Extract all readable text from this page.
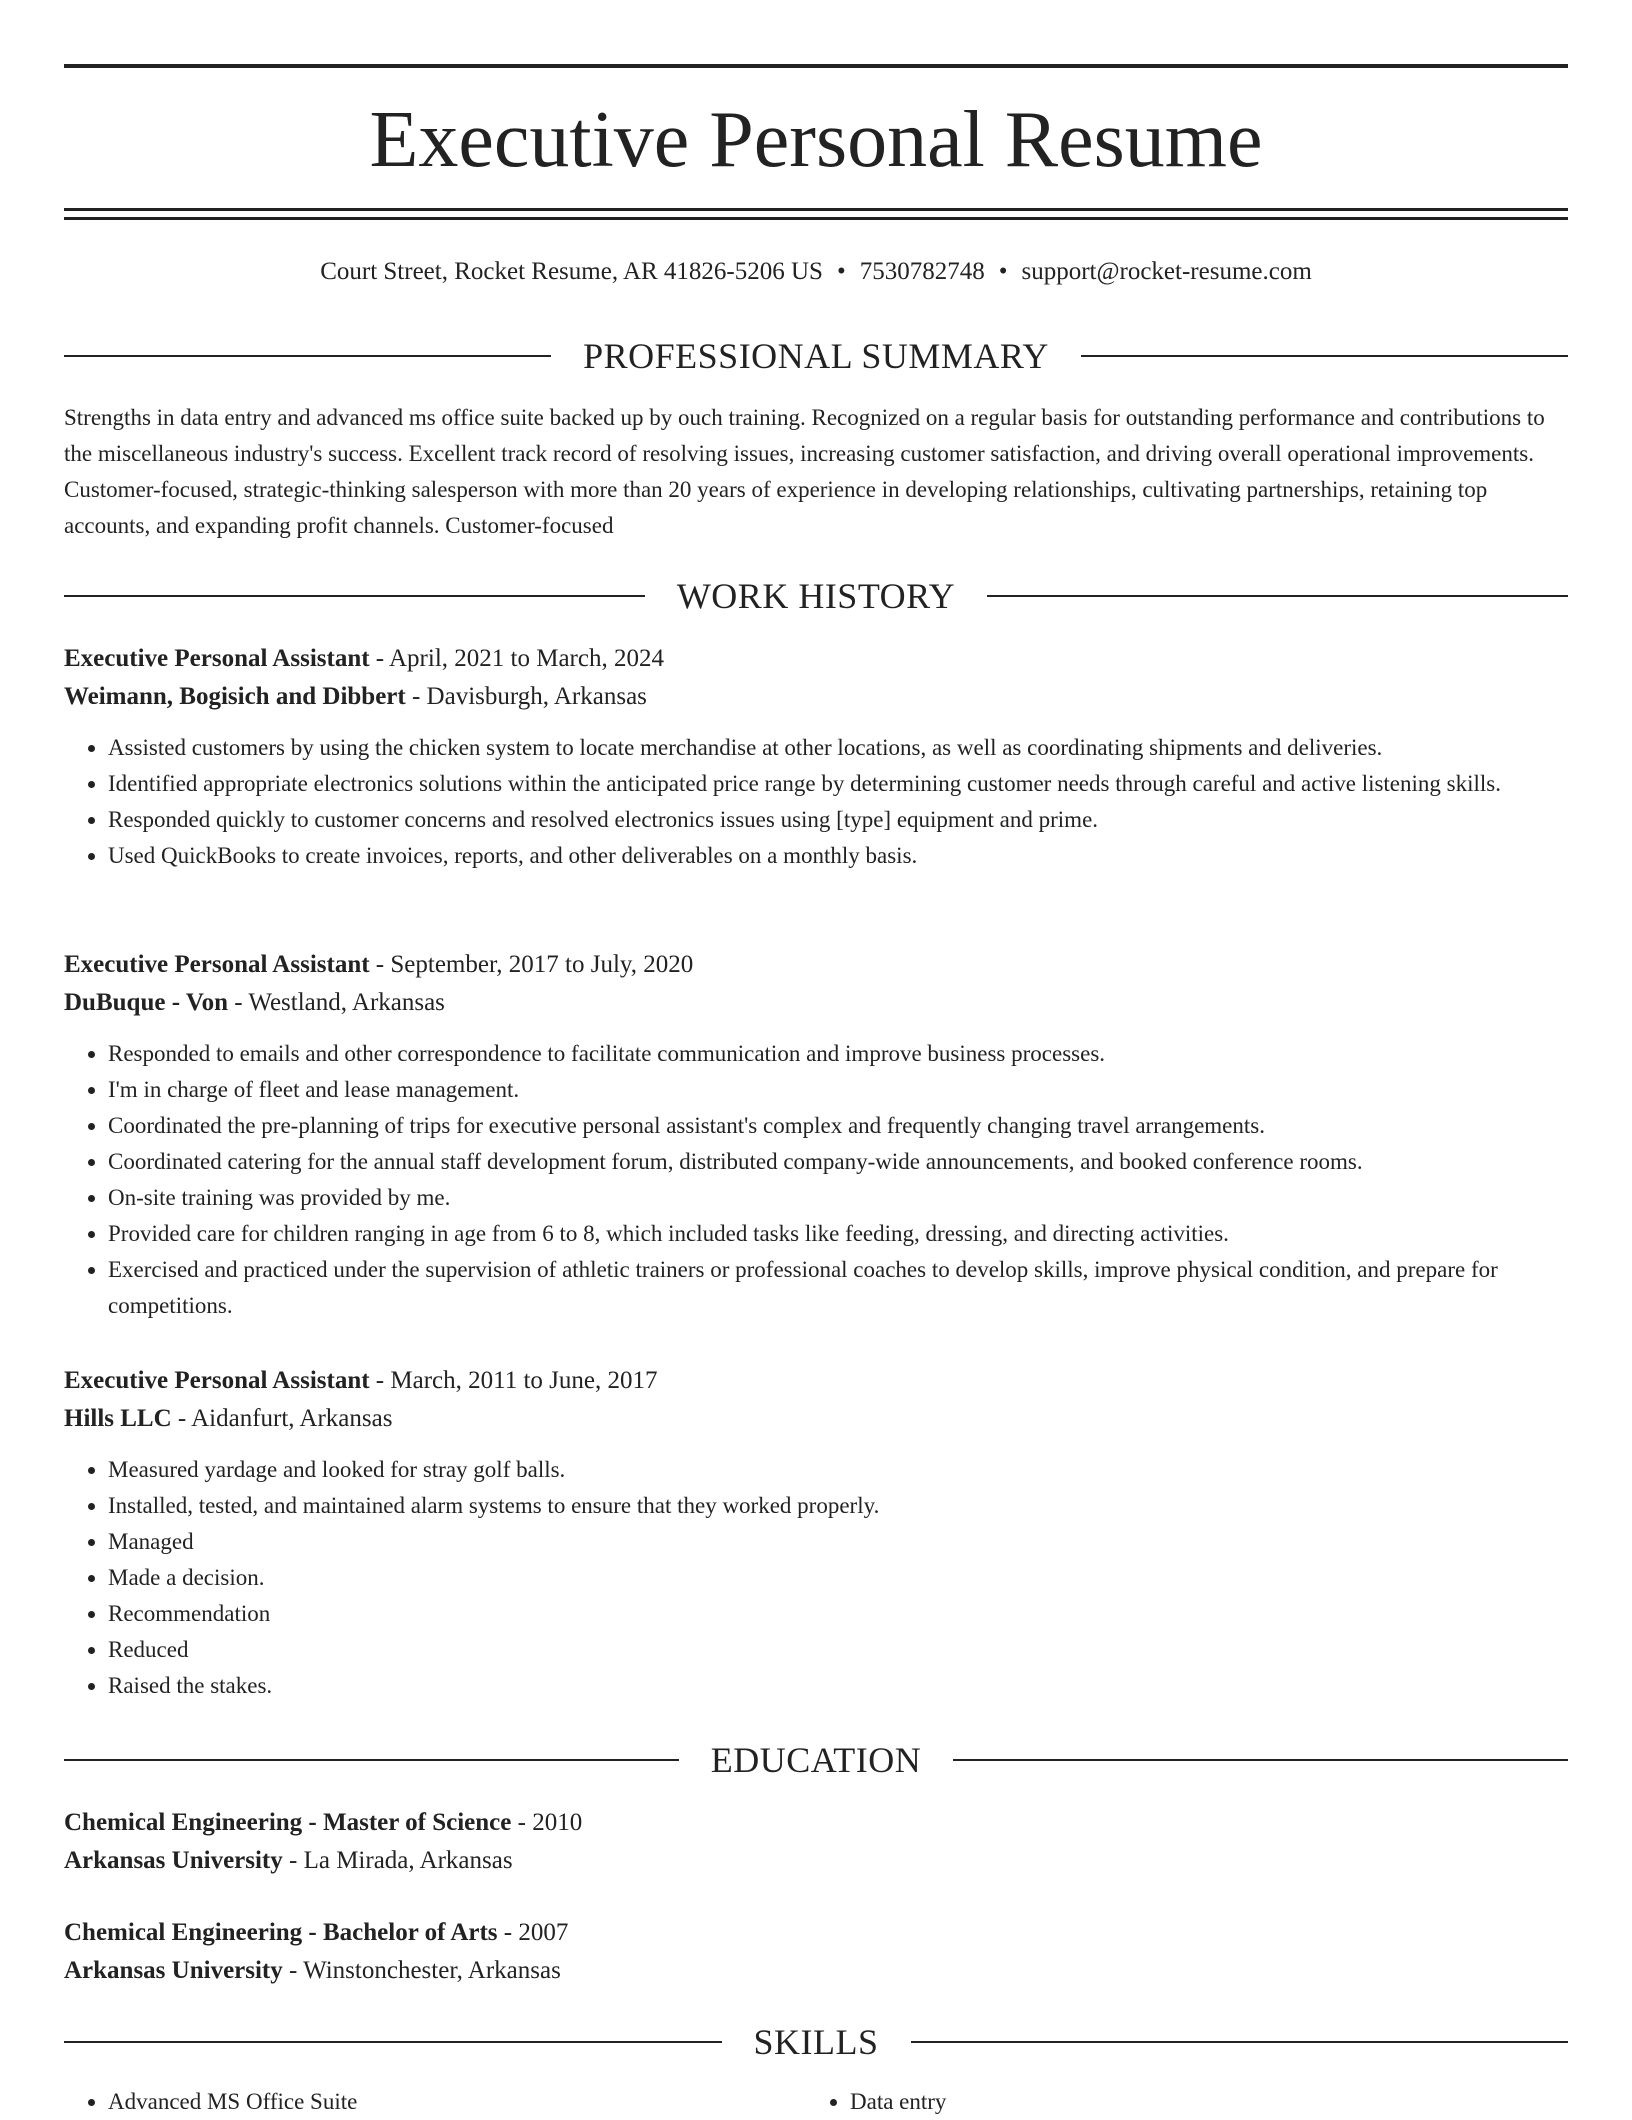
Executive Personal Resume
Court Street, Rocket Resume, AR 41826-5206 US • 7530782748 • support@rocket-resume.com
PROFESSIONAL SUMMARY

Strengths in data entry and advanced ms office suite backed up by ouch training. Recognized on a regular basis for outstanding performance and contributions to the miscellaneous industry's success. Excellent track record of resolving issues, increasing customer satisfaction, and driving overall operational improvements. Customer-focused, strategic-thinking salesperson with more than 20 years of experience in developing relationships, cultivating partnerships, retaining top accounts, and expanding profit channels. Customer-focused

WORK HISTORY
Executive Personal Assistant - April, 2021 to March, 2024
Weimann, Bogisich and Dibbert - Davisburgh, Arkansas
• Assisted customers by using the chicken system to locate merchandise at other locations, as well as coordinating shipments and deliveries.
• Identified appropriate electronics solutions within the anticipated price range by determining customer needs through careful and active listening skills.
• Responded quickly to customer concerns and resolved electronics issues using [type] equipment and prime.
• Used QuickBooks to create invoices, reports, and other deliverables on a monthly basis.
Executive Personal Assistant - September, 2017 to July, 2020
DuBuque - Von - Westland, Arkansas
• Responded to emails and other correspondence to facilitate communication and improve business processes.
• I'm in charge of fleet and lease management.
• Coordinated the pre-planning of trips for executive personal assistant's complex and frequently changing travel arrangements.
• Coordinated catering for the annual staff development forum, distributed company-wide announcements, and booked conference rooms.
• On-site training was provided by me.
• Provided care for children ranging in age from 6 to 8, which included tasks like feeding, dressing, and directing activities.
• Exercised and practiced under the supervision of athletic trainers or professional coaches to develop skills, improve physical condition, and prepare for competitions.
Executive Personal Assistant - March, 2011 to June, 2017
Hills LLC - Aidanfurt, Arkansas
• Measured yardage and looked for stray golf balls.
• Installed, tested, and maintained alarm systems to ensure that they worked properly.
• Managed
• Made a decision.
• Recommendation
• Reduced
• Raised the stakes.
EDUCATION
Chemical Engineering - Master of Science - 2010
Arkansas University - La Mirada, Arkansas
Chemical Engineering - Bachelor of Arts - 2007
Arkansas University - Winstonchester, Arkansas
SKILLS
• Advanced MS Office Suite
•	Data entry
